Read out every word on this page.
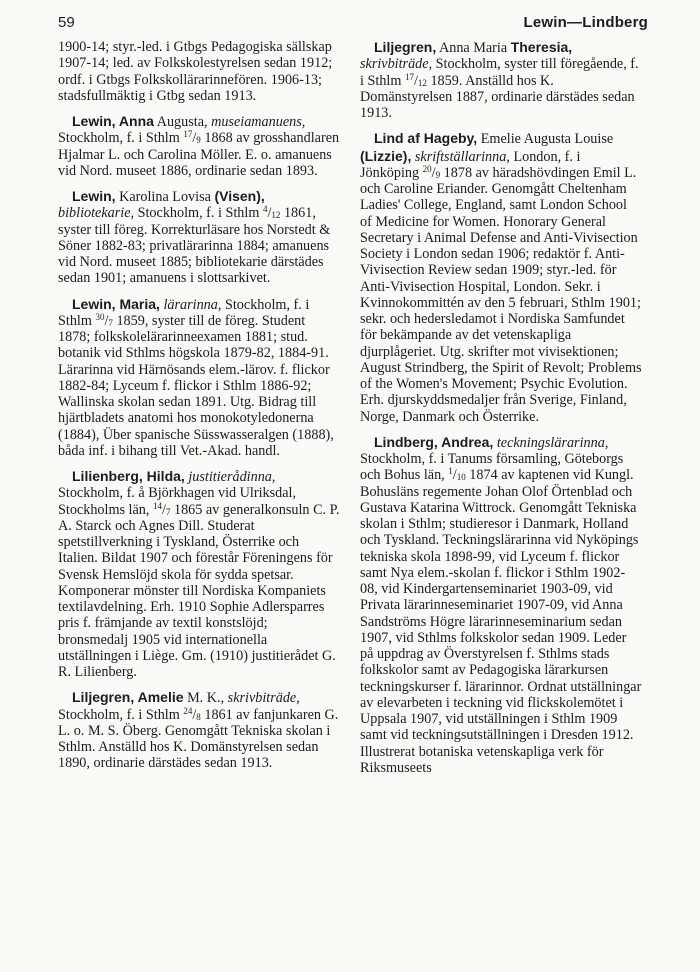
59	Lewin—Lindberg

1900-14; styr.-led. i Gtbgs Pedagogiska sällskap 1907-14; led. av Folkskolestyrelsen sedan 1912; ordf. i Gtbgs Folkskollärarinnefören. 1906-13; stadsfullmäktig i Gtbg sedan 1913.

Lewin, Anna Augusta, museiamanuens, Stockholm, f. i Sthlm $^{17}/_9$ 1868 av grosshandlaren Hjalmar L. och Carolina Möller. E. o. amanuens vid Nord. museet 1886, ordinarie sedan 1893.

Lewin, Karolina Lovisa (Visen), bibliotekarie, Stockholm, f. i Sthlm $^4/_{12}$ 1861, syster till föreg. Korrekturläsare hos Norstedt & Söner 1882-83; privatlärarinna 1884; amanuens vid Nord. museet 1885; bibliotekarie därstädes sedan 1901; amanuens i slottsarkivet.

Lewin, Maria, lärarinna, Stockholm, f. i Sthlm $^{30}/_7$ 1859, syster till de föreg. Student 1878; folkskolelärarinneexamen 1881; stud. botanik vid Sthlms högskola 1879-82, 1884-91. Lärarinna vid Härnösands elem.-lärov. f. flickor 1882-84; Lyceum f. flickor i Sthlm 1886-92; Wallinska skolan sedan 1891. Utg. Bidrag till hjärtbladets anatomi hos monokotyledonerna (1884), Über spanische Süsswasseralgen (1888), båda inf. i bihang till Vet.-Akad. handl.

Lilienberg, Hilda, justitierådinna, Stockholm, f. å Björkhagen vid Ulriksdal, Stockholms län, $^{14}/_7$ 1865 av generalkonsuln C. P. A. Starck och Agnes Dill. Studerat spetstillverkning i Tyskland, Österrike och Italien. Bildat 1907 och förestår Föreningens för Svensk Hemslöjd skola för sydda spetsar. Komponerar mönster till Nordiska Kompaniets textilavdelning. Erh. 1910 Sophie Adlersparres pris f. främjande av textil konstslöjd; bronsmedalj 1905 vid internationella utställningen i Liège. Gm. (1910) justitierådet G. R. Lilienberg.

Liljegren, Amelie M. K., skrivbiträde, Stockholm, f. i Sthlm $^{24}/_8$ 1861 av fanjunkaren G. L. o. M. S. Öberg. Genomgått Tekniska skolan i Sthlm. Anställd hos K. Domänstyrelsen sedan 1890, ordinarie därstädes sedan 1913.

Liljegren, Anna Maria Theresia, skrivbiträde, Stockholm, syster till föregående, f. i Sthlm $^{17}/_{12}$ 1859. Anställd hos K. Domänstyrelsen 1887, ordinarie därstädes sedan 1913.

Lind af Hageby, Emelie Augusta Louise (Lizzie), skriftställarinna, London, f. i Jönköping $^{20}/_9$ 1878 av häradshövdingen Emil L. och Caroline Eriander. Genomgått Cheltenham Ladies' College, England, samt London School of Medicine for Women. Honorary General Secretary i Animal Defense and Anti-Vivisection Society i London sedan 1906; redaktör f. Anti-Vivisection Review sedan 1909; styr.-led. för Anti-Vivisection Hospital, London. Sekr. i Kvinnokommittén av den 5 februari, Sthlm 1901; sekr. och hedersledamot i Nordiska Samfundet för bekämpande av det vetenskapliga djurplågeriet. Utg. skrifter mot vivisektionen; August Strindberg, the Spirit of Revolt; Problems of the Women's Movement; Psychic Evolution. Erh. djurskyddsmedaljer från Sverige, Finland, Norge, Danmark och Österrike.

Lindberg, Andrea, teckningslärarinna, Stockholm, f. i Tanums församling, Göteborgs och Bohus län, $^1/_{10}$ 1874 av kaptenen vid Kungl. Bohusläns regemente Johan Olof Örtenblad och Gustava Katarina Wittrock. Genomgått Tekniska skolan i Sthlm; studieresor i Danmark, Holland och Tyskland. Teckningslärarinna vid Nyköpings tekniska skola 1898-99, vid Lyceum f. flickor samt Nya elem.-skolan f. flickor i Sthlm 1902-08, vid Kindergartenseminariet 1903-09, vid Privata lärarinneseminariet 1907-09, vid Anna Sandströms Högre lärarinneseminarium sedan 1907, vid Sthlms folkskolor sedan 1909. Leder på uppdrag av Överstyrelsen f. Sthlms stads folkskolor samt av Pedagogiska lärarkursen teckningskurser f. lärarinnor. Ordnat utställningar av elevarbeten i teckning vid flickskolemötet i Uppsala 1907, vid utställningen i Sthlm 1909 samt vid teckningsutställningen i Dresden 1912. Illustrerat botaniska vetenskapliga verk för Riksmuseets
